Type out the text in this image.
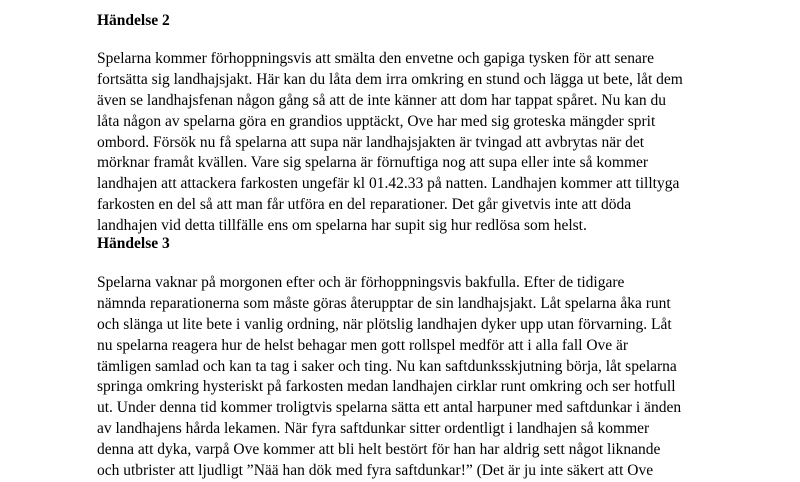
Händelse 2
Spelarna kommer förhoppningsvis att smälta den envetne och gapiga tysken för att senare
fortsätta sig landhajsjakt. Här kan du låta dem irra omkring en stund och lägga ut bete, låt dem
även se landhajsfenan någon gång så att de inte känner att dom har tappat spåret. Nu kan du
låta någon av spelarna göra en grandios upptäckt, Ove har med sig groteska mängder sprit
ombord. Försök nu få spelarna att supa när landhajsjakten är tvingad att avbrytas när det
mörknar framåt kvällen. Vare sig spelarna är förnuftiga nog att supa eller inte så kommer
landhajen att attackera farkosten ungefär kl 01.42.33 på natten. Landhajen kommer att tilltyga
farkosten en del så att man får utföra en del reparationer. Det går givetvis inte att döda
landhajen vid detta tillfälle ens om spelarna har supit sig hur redlösa som helst.
Händelse 3
Spelarna vaknar på morgonen efter och är förhoppningsvis bakfulla. Efter de tidigare
nämnda reparationerna som måste göras återupptar de sin landhajsjakt. Låt spelarna åka runt
och slänga ut lite bete i vanlig ordning, när plötslig landhajen dyker upp utan förvarning. Låt
nu spelarna reagera hur de helst behagar men gott rollspel medför att i alla fall Ove är
tämligen samlad och kan ta tag i saker och ting. Nu kan saftdunksskjutning börja, låt spelarna
springa omkring hysteriskt på farkosten medan landhajen cirklar runt omkring och ser hotfull
ut. Under denna tid kommer troligtvis spelarna sätta ett antal harpuner med saftdunkar i änden
av landhajens hårda lekamen. När fyra saftdunkar sitter ordentligt i landhajen så kommer
denna att dyka, varpå Ove kommer att bli helt bestört för han har aldrig sett något liknande
och utbrister att ljudligt ”Nää han dök med fyra saftdunkar!” (Det är ju inte säkert att Ove
